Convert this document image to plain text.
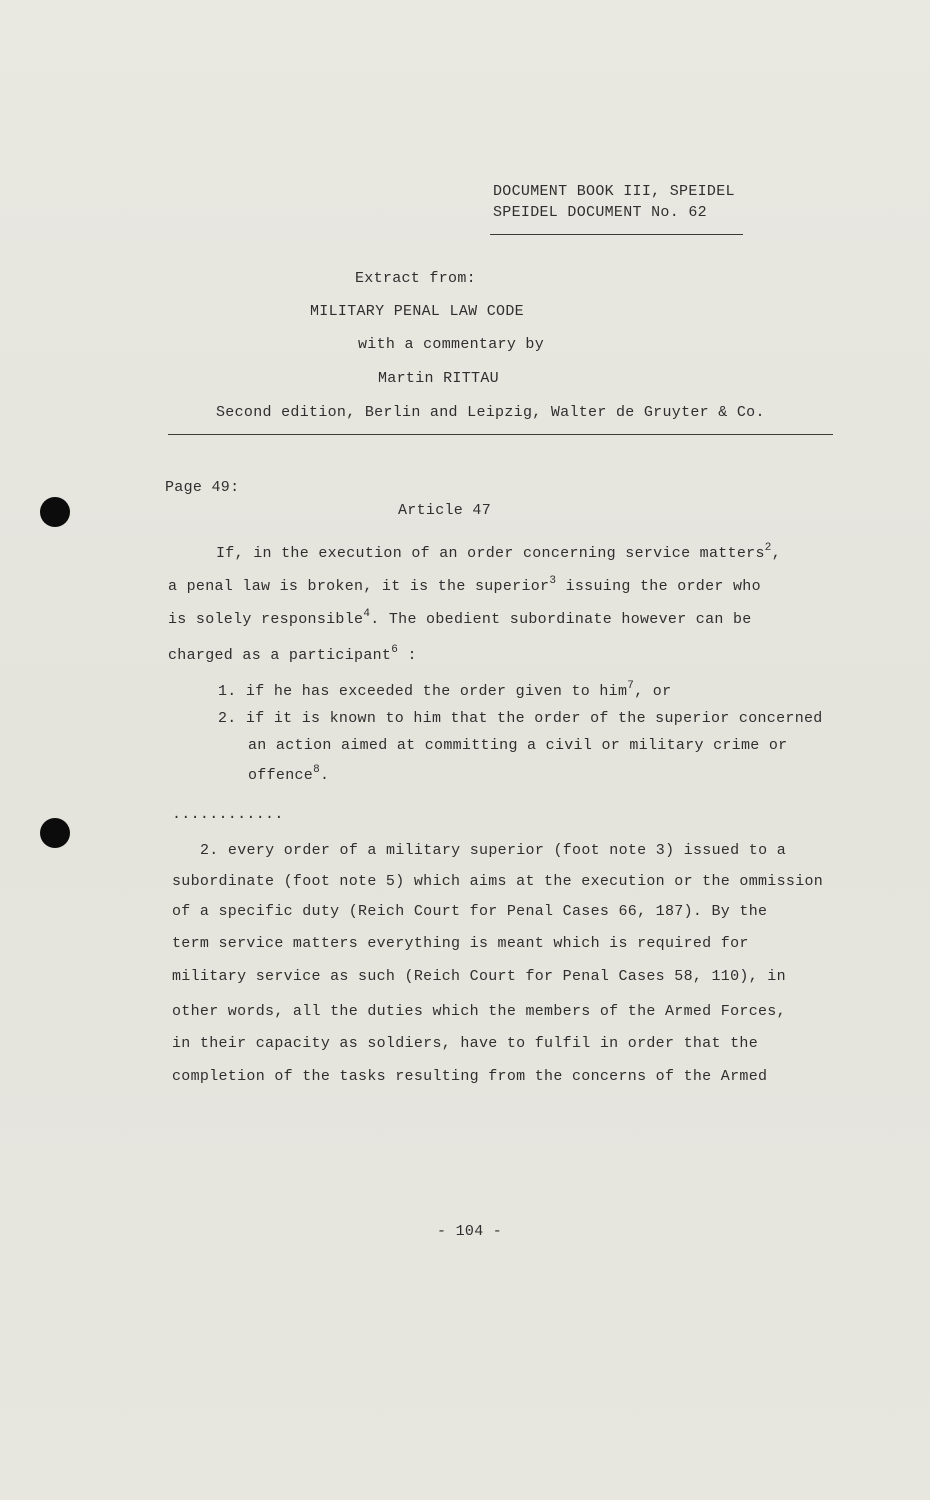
DOCUMENT BOOK III, SPEIDEL
SPEIDEL DOCUMENT No. 62
Extract from:
MILITARY PENAL LAW CODE
with a commentary by
Martin RITTAU
Second edition, Berlin and Leipzig, Walter de Gruyter & Co.
Page 49:
Article 47
If, in the execution of an order concerning service matters$^2$,
a penal law is broken, it is the superior$^3$ issuing the order who
is solely responsible$^4$. The obedient subordinate however can be
charged as a participant$^6$ :
1. if he has exceeded the order given to him$^7$, or
2. if it is known to him that the order of the superior concerned
an action aimed at committing a civil or military crime or
offence$^8$.
............
2. every order of a military superior (foot note 3) issued to a
subordinate (foot note 5) which aims at the execution or the ommission
of a specific duty (Reich Court for Penal Cases 66, 187). By the
term service matters everything is meant which is required for
military service as such (Reich Court for Penal Cases 58, 110), in
other words, all the duties which the members of the Armed Forces,
in their capacity as soldiers, have to fulfil in order that the
completion of the tasks resulting from the concerns of the Armed
- 104 -
